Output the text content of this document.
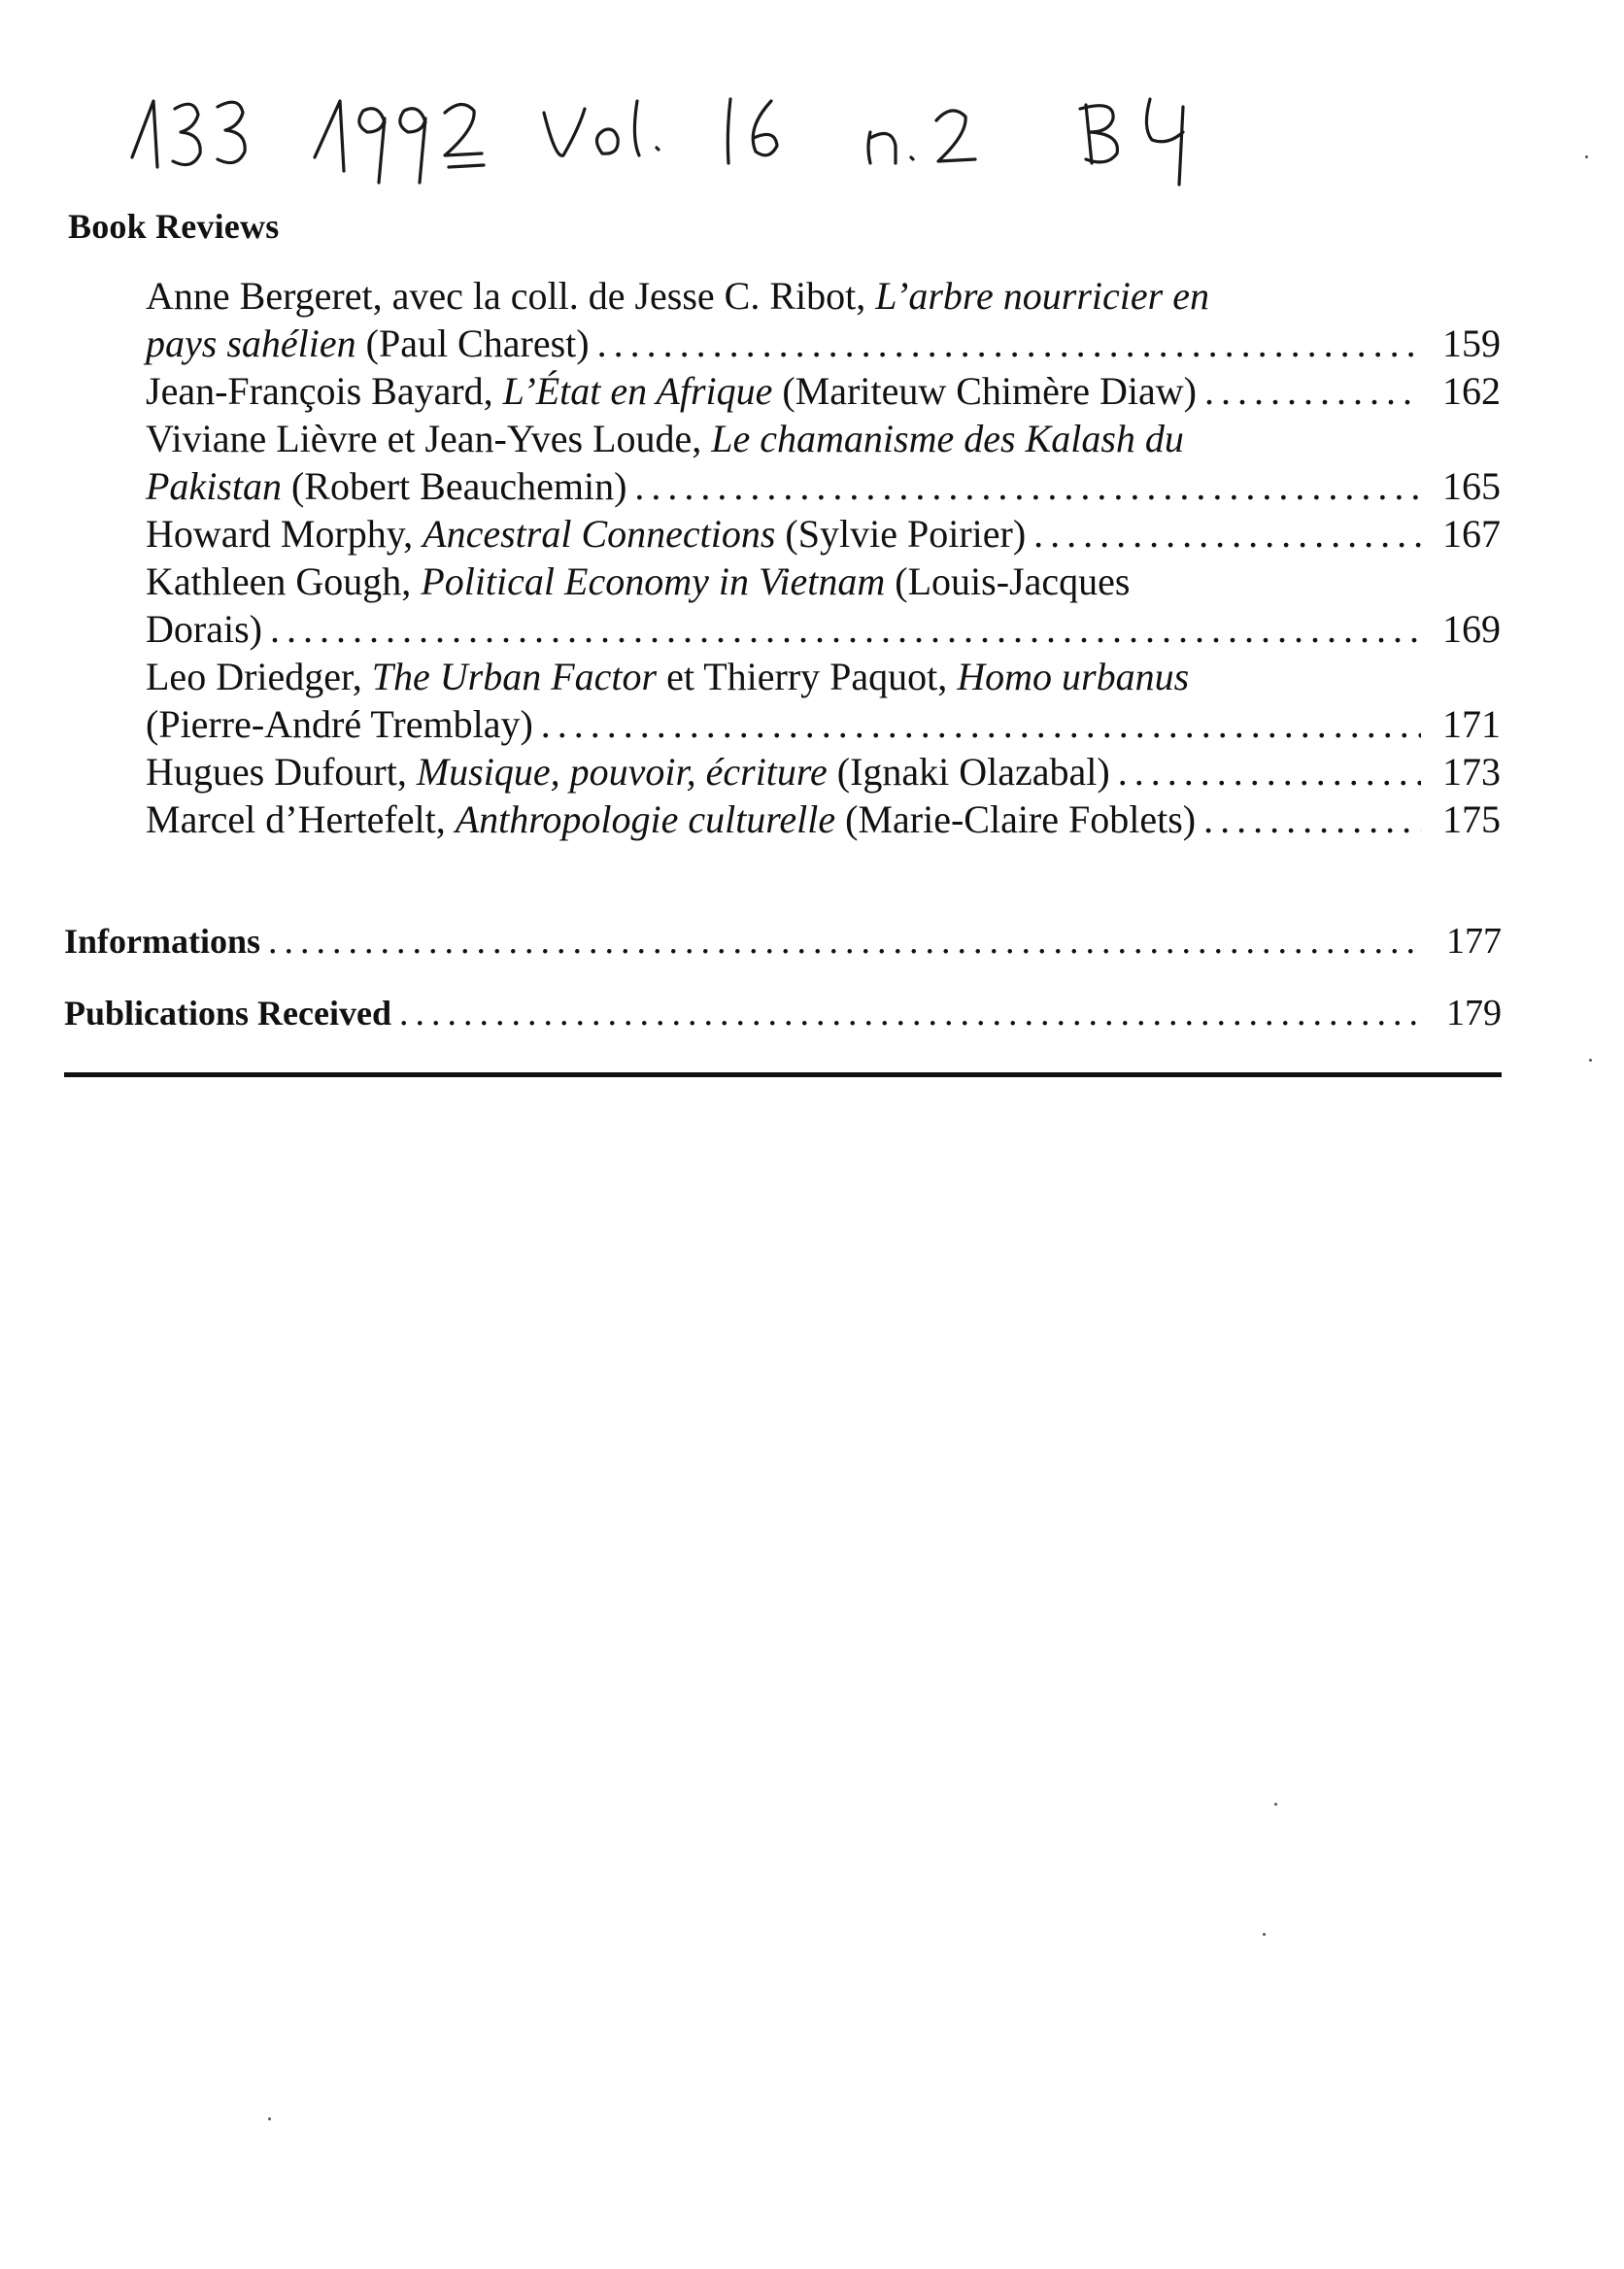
Book Reviews
Anne Bergeret, avec la coll. de Jesse C. Ribot, L’arbre nourricier en
pays sahélien (Paul Charest) .....	159
Jean-François Bayard, L’État en Afrique (Mariteuw Chimère Diaw) .....	162
Viviane Lièvre et Jean-Yves Loude, Le chamanisme des Kalash du
Pakistan (Robert Beauchemin) .....	165
Howard Morphy, Ancestral Connections (Sylvie Poirier) .....	167
Kathleen Gough, Political Economy in Vietnam (Louis-Jacques
Dorais) .....	169
Leo Driedger, The Urban Factor et Thierry Paquot, Homo urbanus
(Pierre-André Tremblay) .....	171
Hugues Dufourt, Musique, pouvoir, écriture (Ignaki Olazabal) .....	173
Marcel d’Hertefelt, Anthropologie culturelle (Marie-Claire Foblets) .....	175
Informations .....	177
Publications Received .....	179
